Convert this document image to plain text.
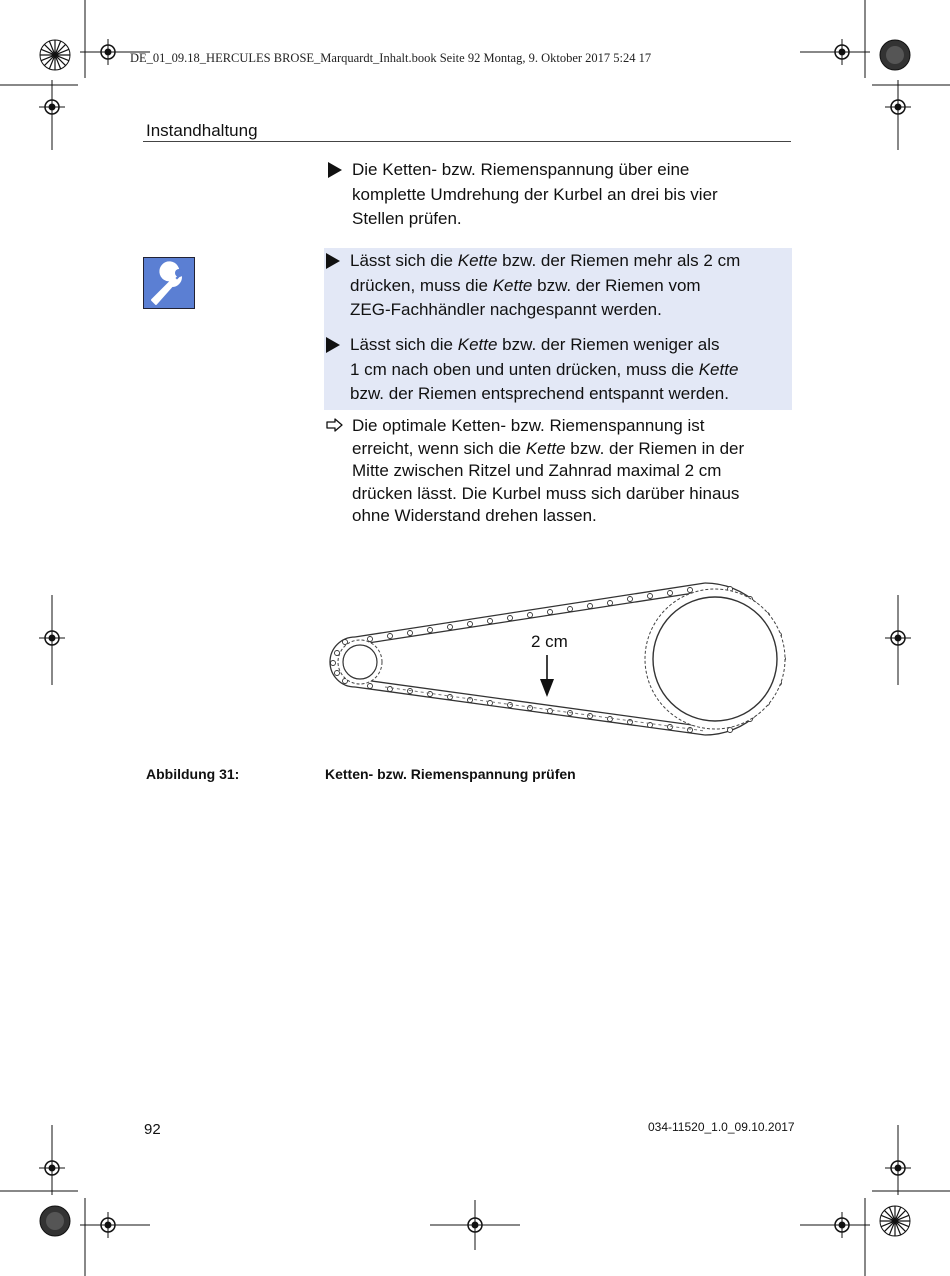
DE_01_09.18_HERCULES BROSE_Marquardt_Inhalt.book Seite 92 Montag, 9. Oktober 2017 5:24 17
Instandhaltung
Die Ketten- bzw. Riemenspannung über eine
komplette Umdrehung der Kurbel an drei bis vier
Stellen prüfen.
Lässt sich die Kette bzw. der Riemen mehr als 2 cm
drücken, muss die Kette bzw. der Riemen vom
ZEG-Fachhändler nachgespannt werden.
Lässt sich die Kette bzw. der Riemen weniger als
1 cm nach oben und unten drücken, muss die Kette
bzw. der Riemen entsprechend entspannt werden.
Die optimale Ketten- bzw. Riemenspannung ist
erreicht, wenn sich die Kette bzw. der Riemen in der
Mitte zwischen Ritzel und Zahnrad maximal 2 cm
drücken lässt. Die Kurbel muss sich darüber hinaus
ohne Widerstand drehen lassen.
2 cm
Abbildung 31:	Ketten- bzw. Riemenspannung prüfen
92	034-11520_1.0_09.10.2017
